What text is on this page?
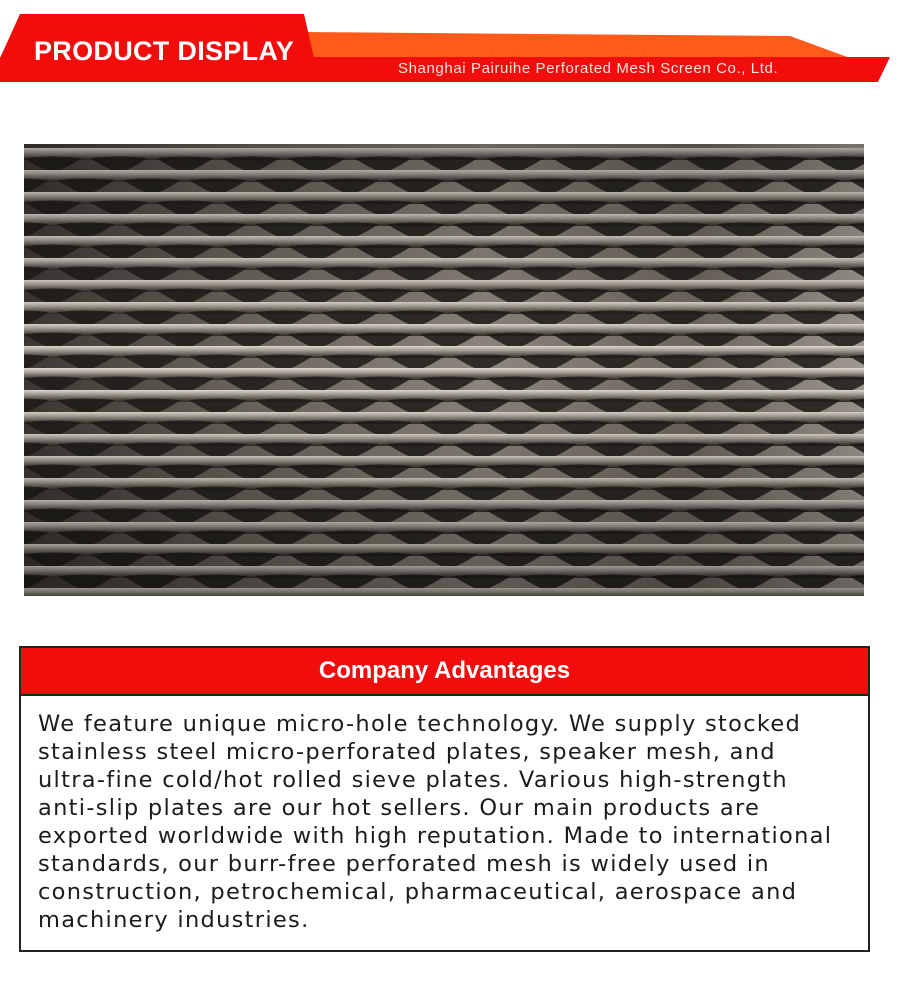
PRODUCT DISPLAY
Shanghai Pairuihe Perforated Mesh Screen Co., Ltd.
Company Advantages

We feature unique micro-hole technology. We supply stocked
stainless steel micro-perforated plates, speaker mesh, and
ultra-fine cold/hot rolled sieve plates. Various high-strength
anti-slip plates are our hot sellers. Our main products are
exported worldwide with high reputation. Made to international
standards, our burr-free perforated mesh is widely used in
construction, petrochemical, pharmaceutical, aerospace and
machinery industries.
